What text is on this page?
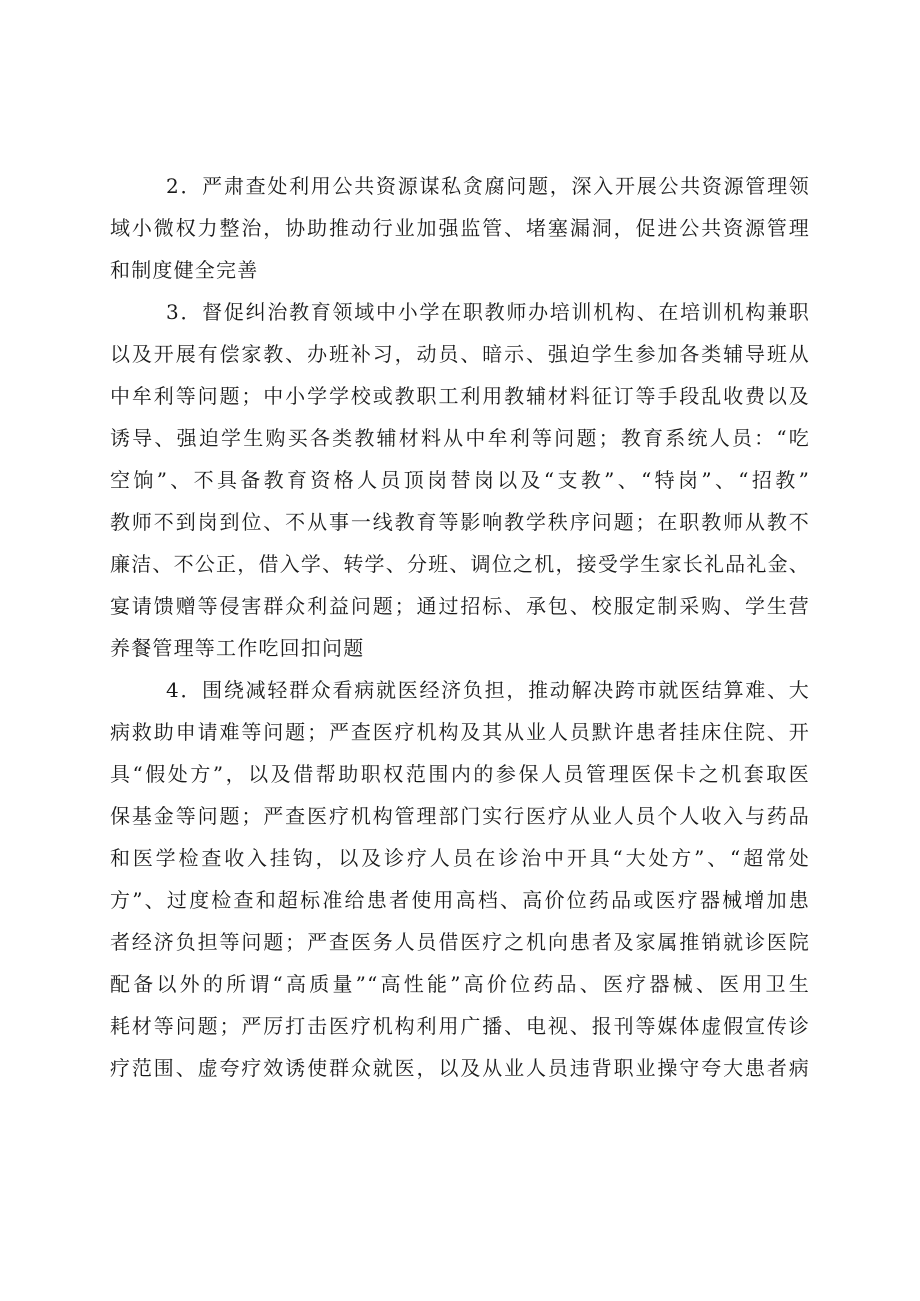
2．严肃查处利用公共资源谋私贪腐问题，深入开展公共资源管理领
域小微权力整治，协助推动行业加强监管、堵塞漏洞，促进公共资源管理
和制度健全完善
3．督促纠治教育领域中小学在职教师办培训机构、在培训机构兼职
以及开展有偿家教、办班补习，动员、暗示、强迫学生参加各类辅导班从
中牟利等问题；中小学学校或教职工利用教辅材料征订等手段乱收费以及
诱导、强迫学生购买各类教辅材料从中牟利等问题；教育系统人员：“吃
空饷”、不具备教育资格人员顶岗替岗以及“支教”、“特岗”、“招教”
教师不到岗到位、不从事一线教育等影响教学秩序问题；在职教师从教不
廉洁、不公正，借入学、转学、分班、调位之机，接受学生家长礼品礼金、
宴请馈赠等侵害群众利益问题；通过招标、承包、校服定制采购、学生营
养餐管理等工作吃回扣问题
4．围绕减轻群众看病就医经济负担，推动解决跨市就医结算难、大
病救助申请难等问题；严查医疗机构及其从业人员默许患者挂床住院、开
具“假处方”，以及借帮助职权范围内的参保人员管理医保卡之机套取医
保基金等问题；严查医疗机构管理部门实行医疗从业人员个人收入与药品
和医学检查收入挂钩，以及诊疗人员在诊治中开具“大处方”、“超常处
方”、过度检查和超标准给患者使用高档、高价位药品或医疗器械增加患
者经济负担等问题；严查医务人员借医疗之机向患者及家属推销就诊医院
配备以外的所谓“高质量”“高性能”高价位药品、医疗器械、医用卫生
耗材等问题；严厉打击医疗机构利用广播、电视、报刊等媒体虚假宣传诊
疗范围、虚夸疗效诱使群众就医，以及从业人员违背职业操守夸大患者病
